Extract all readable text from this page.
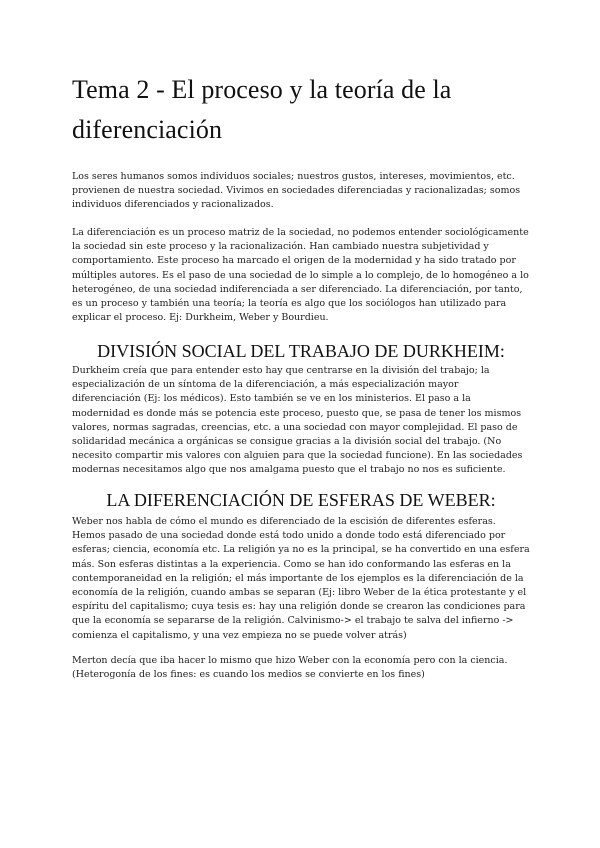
Tema 2 - El proceso y la teoría de la diferenciación

Los seres humanos somos individuos sociales; nuestros gustos, intereses, movimientos, etc. provienen de nuestra sociedad. Vivimos en sociedades diferenciadas y racionalizadas; somos individuos diferenciados y racionalizados.

La diferenciación es un proceso matriz de la sociedad, no podemos entender sociológicamente la sociedad sin este proceso y la racionalización. Han cambiado nuestra subjetividad y comportamiento. Este proceso ha marcado el origen de la modernidad y ha sido tratado por múltiples autores. Es el paso de una sociedad de lo simple a lo complejo, de lo homogéneo a lo heterogéneo, de una sociedad indiferenciada a ser diferenciado. La diferenciación, por tanto, es un proceso y también una teoría; la teoría es algo que los sociólogos han utilizado para explicar el proceso. Ej: Durkheim, Weber y Bourdieu.

DIVISIÓN SOCIAL DEL TRABAJO DE DURKHEIM:

Durkheim creía que para entender esto hay que centrarse en la división del trabajo; la especialización de un síntoma de la diferenciación, a más especialización mayor diferenciación (Ej: los médicos). Esto también se ve en los ministerios. El paso a la modernidad es donde más se potencia este proceso, puesto que, se pasa de tener los mismos valores, normas sagradas, creencias, etc. a una sociedad con mayor complejidad. El paso de solidaridad mecánica a orgánicas se consigue gracias a la división social del trabajo. (No necesito compartir mis valores con alguien para que la sociedad funcione). En las sociedades modernas necesitamos algo que nos amalgama puesto que el trabajo no nos es suficiente.

LA DIFERENCIACIÓN DE ESFERAS DE WEBER:

Weber nos habla de cómo el mundo es diferenciado de la escisión de diferentes esferas. Hemos pasado de una sociedad donde está todo unido a donde todo está diferenciado por esferas; ciencia, economía etc. La religión ya no es la principal, se ha convertido en una esfera más. Son esferas distintas a la experiencia. Como se han ido conformando las esferas en la contemporaneidad en la religión; el más importante de los ejemplos es la diferenciación de la economía de la religión, cuando ambas se separan (Ej: libro Weber de la ética protestante y el espíritu del capitalismo; cuya tesis es: hay una religión donde se crearon las condiciones para que la economía se separarse de la religión. Calvinismo-> el trabajo te salva del infierno -> comienza el capitalismo, y una vez empieza no se puede volver atrás)

Merton decía que iba hacer lo mismo que hizo Weber con la economía pero con la ciencia. (Heterogonía de los fines: es cuando los medios se convierte en los fines)
